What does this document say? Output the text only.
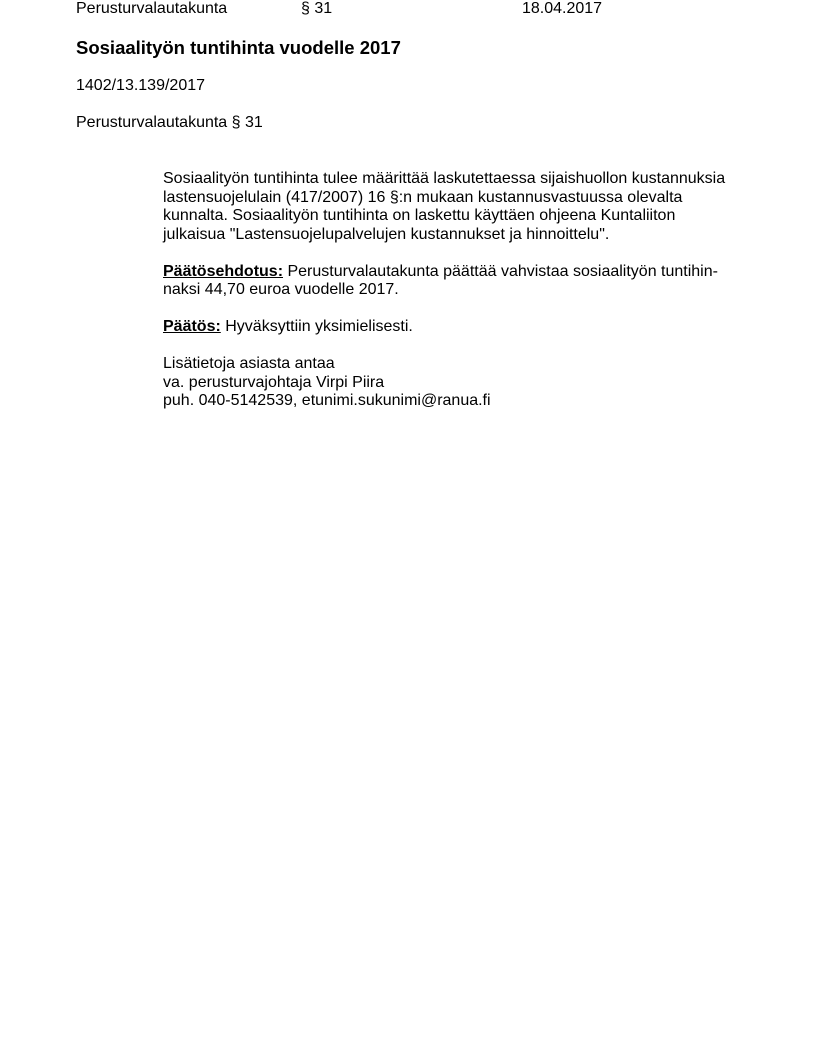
Perusturvalautakunta	§ 31	18.04.2017
Sosiaalityön tuntihinta vuodelle 2017
1402/13.139/2017
Perusturvalautakunta § 31

Sosiaalityön tuntihinta tulee määrittää laskutettaessa sijaishuollon kustannuksia
lastensuojelulain (417/2007) 16 §:n mukaan kustannusvastuussa olevalta
kunnalta. Sosiaalityön tuntihinta on laskettu käyttäen ohjeena Kuntaliiton
julkaisua "Lastensuojelupalvelujen kustannukset ja hinnoittelu".

Päätösehdotus: Perusturvalautakunta päättää vahvistaa sosiaalityön tuntihin-
naksi 44,70 euroa vuodelle 2017.

Päätös: Hyväksyttiin yksimielisesti.

Lisätietoja asiasta antaa
va. perusturvajohtaja Virpi Piira
puh. 040-5142539, etunimi.sukunimi@ranua.fi
